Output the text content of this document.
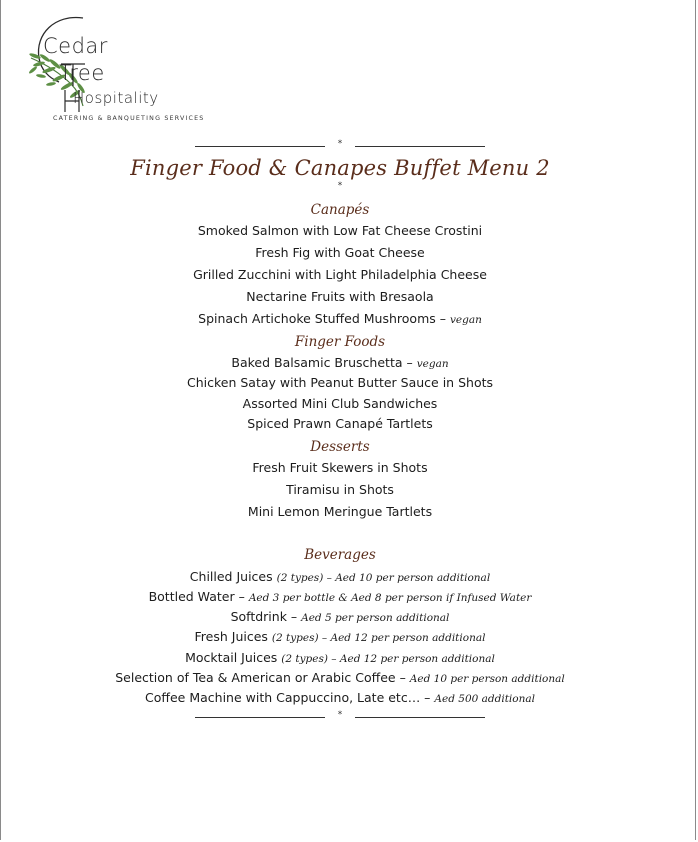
Cedar
Tree
Hospitality
CATERING & BANQUETING SERVICES
*
Finger Food & Canapes Buffet Menu 2
*
Canapés
Smoked Salmon with Low Fat Cheese Crostini
Fresh Fig with Goat Cheese
Grilled Zucchini with Light Philadelphia Cheese
Nectarine Fruits with Bresaola
Spinach Artichoke Stuffed Mushrooms – vegan
Finger Foods
Baked Balsamic Bruschetta – vegan
Chicken Satay with Peanut Butter Sauce in Shots
Assorted Mini Club Sandwiches
Spiced Prawn Canapé Tartlets
Desserts
Fresh Fruit Skewers in Shots
Tiramisu in Shots
Mini Lemon Meringue Tartlets
Beverages
Chilled Juices (2 types) – Aed 10 per person additional
Bottled Water – Aed 3 per bottle & Aed 8 per person if Infused Water
Softdrink – Aed 5 per person additional
Fresh Juices (2 types) – Aed 12 per person additional
Mocktail Juices (2 types) – Aed 12 per person additional
Selection of Tea & American or Arabic Coffee – Aed 10 per person additional
Coffee Machine with Cappuccino, Late etc… – Aed 500 additional
*
